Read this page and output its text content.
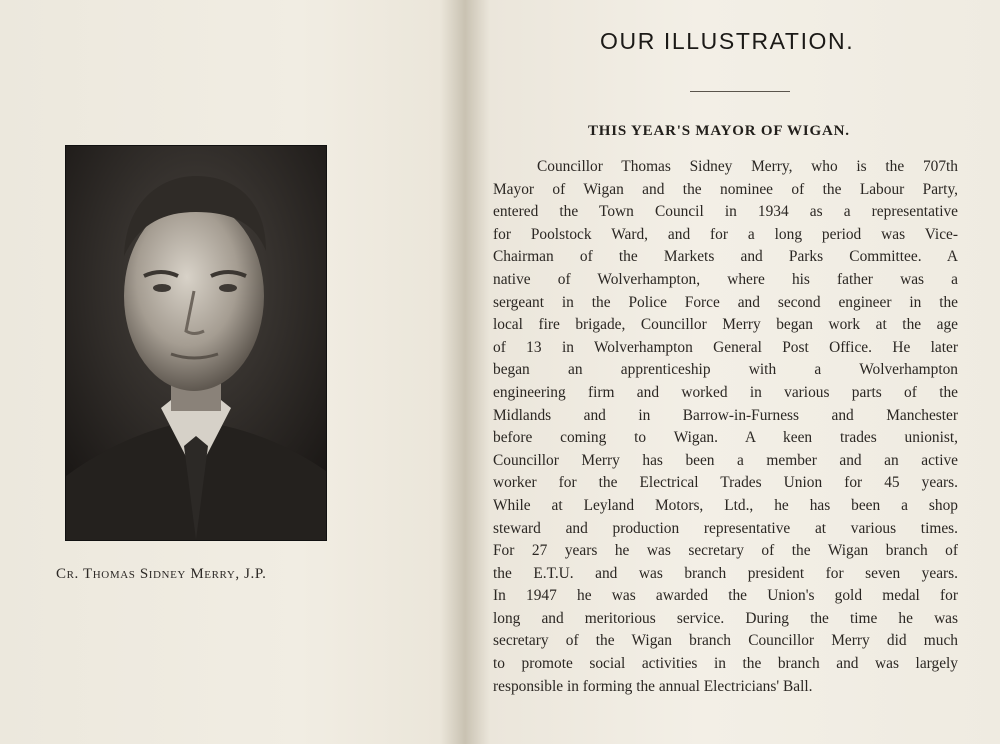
Cr. Thomas Sidney Merry, J.P.
OUR ILLUSTRATION.
THIS YEAR'S MAYOR OF WIGAN.
Councillor Thomas Sidney Merry, who is the 707th
Mayor of Wigan and the nominee of the Labour Party,
entered the Town Council in 1934 as a representative
for Poolstock Ward, and for a long period was Vice-
Chairman of the Markets and Parks Committee. A
native of Wolverhampton, where his father was a
sergeant in the Police Force and second engineer in the
local fire brigade, Councillor Merry began work at the age
of 13 in Wolverhampton General Post Office. He later
began an apprenticeship with a Wolverhampton
engineering firm and worked in various parts of the
Midlands and in Barrow-in-Furness and Manchester
before coming to Wigan. A keen trades unionist,
Councillor Merry has been a member and an active
worker for the Electrical Trades Union for 45 years.
While at Leyland Motors, Ltd., he has been a shop
steward and production representative at various times.
For 27 years he was secretary of the Wigan branch of
the E.T.U. and was branch president for seven years.
In 1947 he was awarded the Union's gold medal for
long and meritorious service. During the time he was
secretary of the Wigan branch Councillor Merry did much
to promote social activities in the branch and was largely
responsible in forming the annual Electricians' Ball.
